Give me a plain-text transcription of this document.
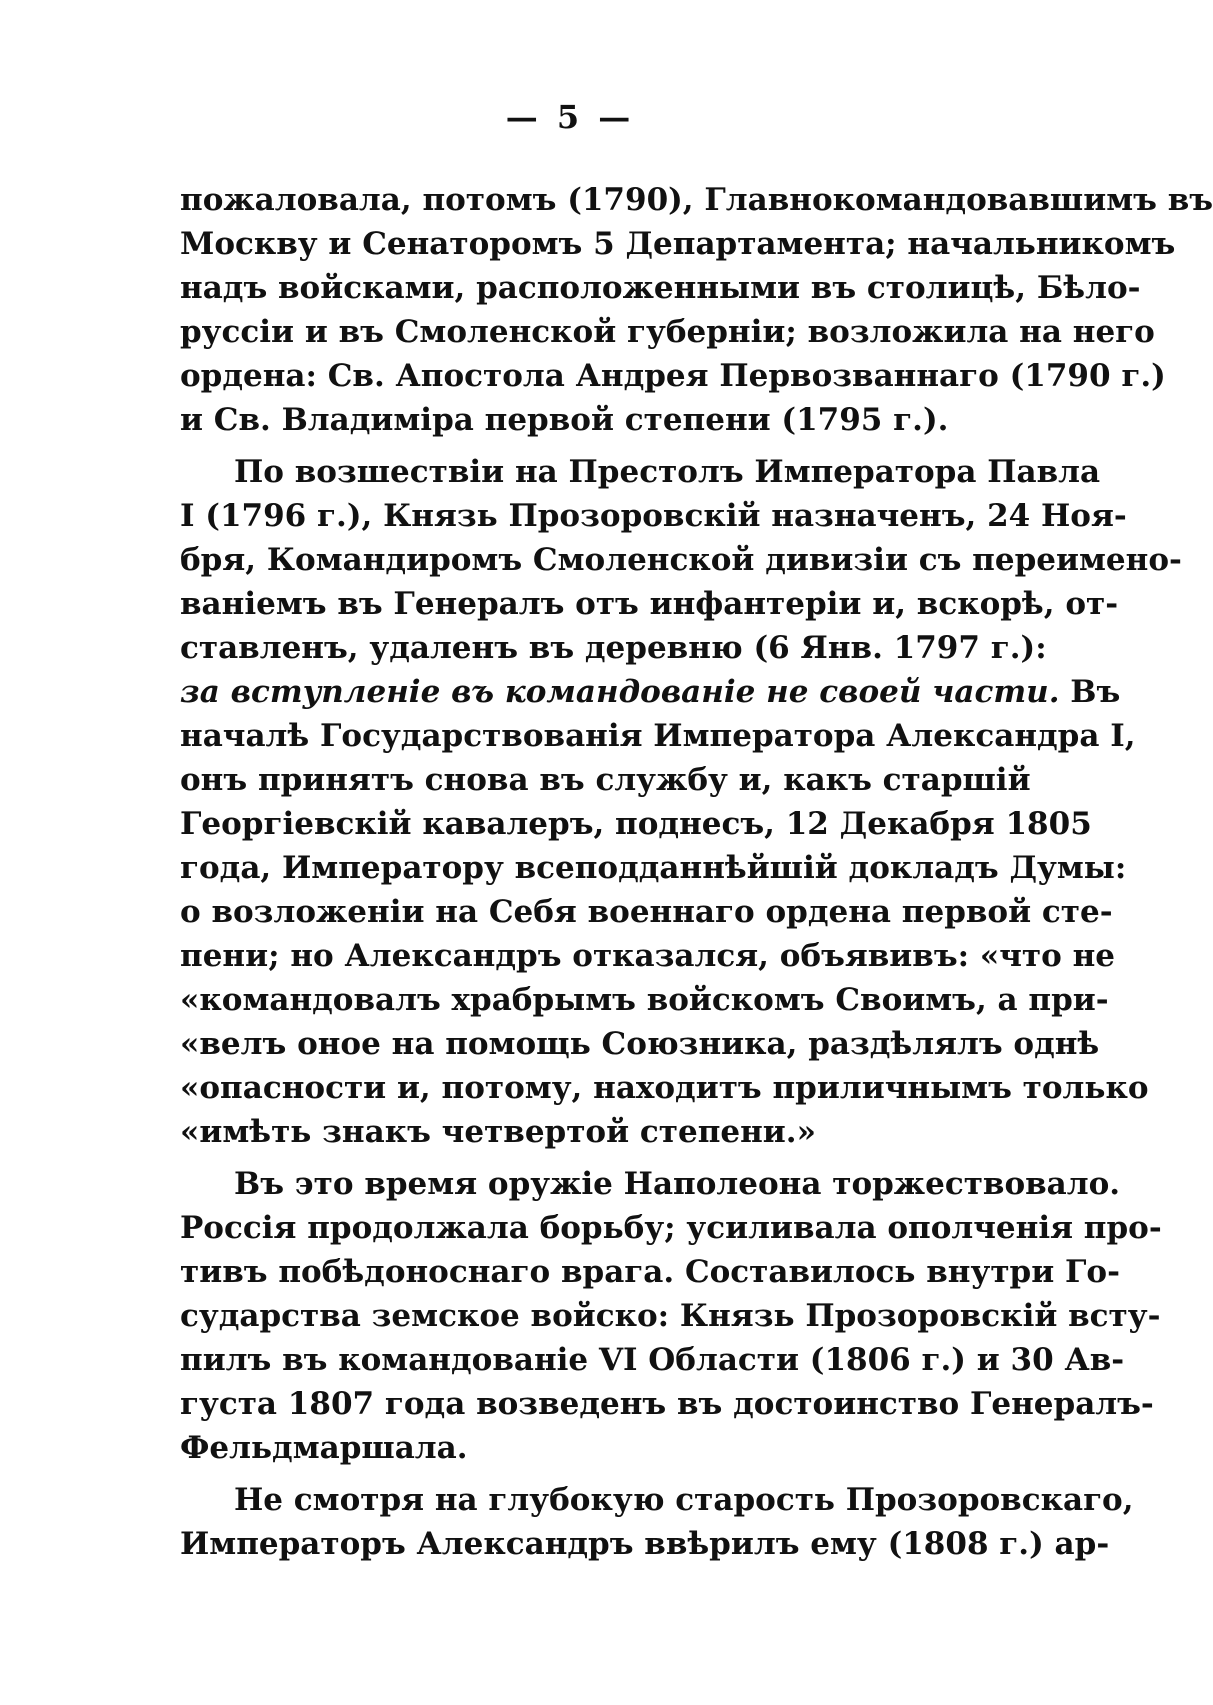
— 5 —
пожаловала, потомъ (1790), Главнокомандовавшимъ въ
Москву и Сенаторомъ 5 Департамента; начальникомъ
надъ войсками, расположенными въ столицѣ, Бѣло-
руссіи и въ Смоленской губерніи; возложила на него
ордена: Св. Апостола Андрея Первозваннаго (1790 г.)
и Св. Владиміра первой степени (1795 г.).
По возшествіи на Престолъ Императора Павла
I (1796 г.), Князь Прозоровскій назначенъ, 24 Ноя-
бря, Командиромъ Смоленской дивизіи съ переимено-
ваніемъ въ Генералъ отъ инфантеріи и, вскорѣ, от-
ставленъ, удаленъ въ деревню (6 Янв. 1797 г.):
за вступленіе въ командованіе не своей части. Въ
началѣ Государствованія Императора Александра I,
онъ принятъ снова въ службу и, какъ старшій
Георгіевскій кавалеръ, поднесъ, 12 Декабря 1805
года, Императору всеподданнѣйшій докладъ Думы:
о возложеніи на Себя военнаго ордена первой сте-
пени; но Александръ отказался, объявивъ: «что не
«командовалъ храбрымъ войскомъ Своимъ, а при-
«велъ оное на помощь Союзника, раздѣлялъ однѣ
«опасности и, потому, находитъ приличнымъ только
«имѣть знакъ четвертой степени.»
Въ это время оружіе Наполеона торжествовало.
Россія продолжала борьбу; усиливала ополченія про-
тивъ побѣдоноснаго врага. Составилось внутри Го-
сударства земское войско: Князь Прозоровскій всту-
пилъ въ командованіе VI Области (1806 г.) и 30 Ав-
густа 1807 года возведенъ въ достоинство Генералъ-
Фельдмаршала.
Не смотря на глубокую старость Прозоровскаго,
Императоръ Александръ ввѣрилъ ему (1808 г.) ар-
